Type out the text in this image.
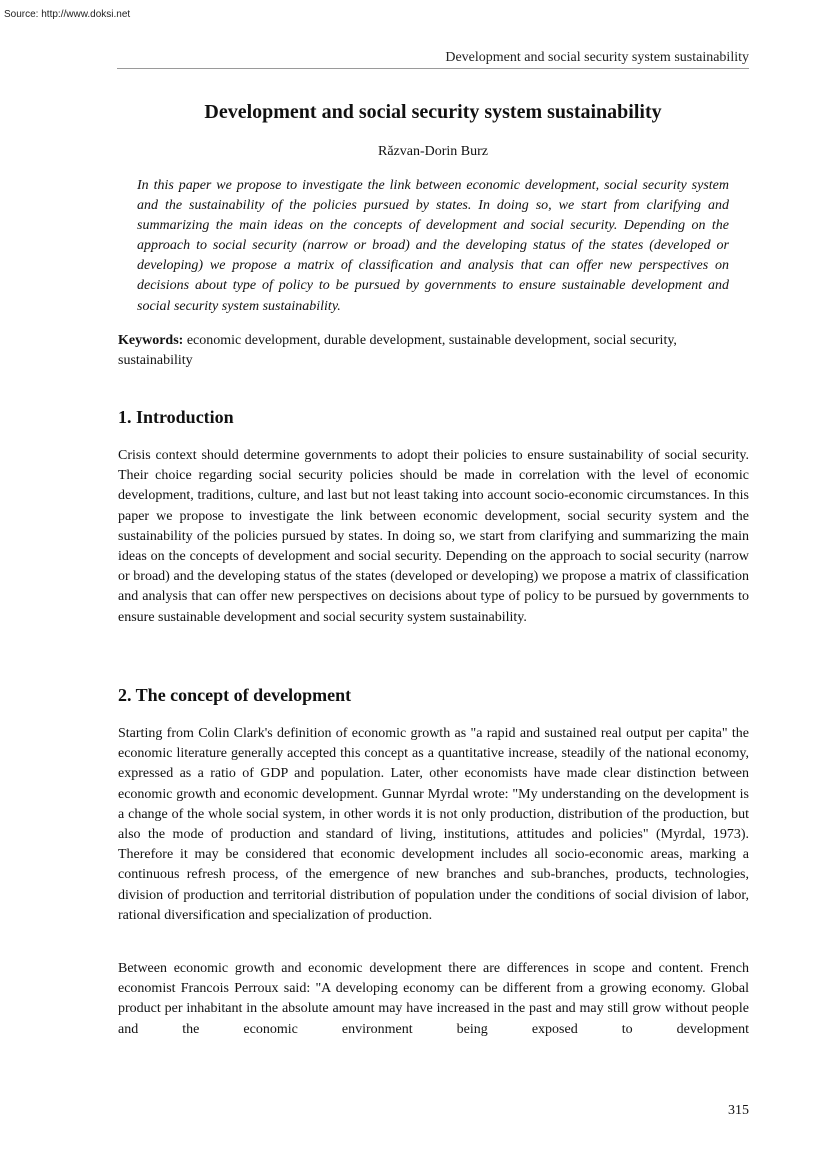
Source: http://www.doksi.net
Development and social security system sustainability
Development and social security system sustainability
Răzvan-Dorin Burz

In this paper we propose to investigate the link between economic development, social security system and the sustainability of the policies pursued by states. In doing so, we start from clarifying and summarizing the main ideas on the concepts of development and social security. Depending on the approach to social security (narrow or broad) and the developing status of the states (developed or developing) we propose a matrix of classification and analysis that can offer new perspectives on decisions about type of policy to be pursued by governments to ensure sustainable development and social security system sustainability.

Keywords: economic development, durable development, sustainable development, social security, sustainability

1. Introduction

Crisis context should determine governments to adopt their policies to ensure sustainability of social security. Their choice regarding social security policies should be made in correlation with the level of economic development, traditions, culture, and last but not least taking into account socio-economic circumstances. In this paper we propose to investigate the link between economic development, social security system and the sustainability of the policies pursued by states. In doing so, we start from clarifying and summarizing the main ideas on the concepts of development and social security. Depending on the approach to social security (narrow or broad) and the developing status of the states (developed or developing) we propose a matrix of classification and analysis that can offer new perspectives on decisions about type of policy to be pursued by governments to ensure sustainable development and social security system sustainability.

2. The concept of development

Starting from Colin Clark's definition of economic growth as "a rapid and sustained real output per capita" the economic literature generally accepted this concept as a quantitative increase, steadily of the national economy, expressed as a ratio of GDP and population. Later, other economists have made clear distinction between economic growth and economic development. Gunnar Myrdal wrote: "My understanding on the development is a change of the whole social system, in other words it is not only production, distribution of the production, but also the mode of production and standard of living, institutions, attitudes and policies" (Myrdal, 1973). Therefore it may be considered that economic development includes all socio-economic areas, marking a continuous refresh process, of the emergence of new branches and sub-branches, products, technologies, division of production and territorial distribution of population under the conditions of social division of labor, rational diversification and specialization of production.

Between economic growth and economic development there are differences in scope and content. French economist Francois Perroux said: "A developing economy can be different from a growing economy. Global product per inhabitant in the absolute amount may have increased in the past and may still grow without people and the economic environment being exposed to development

315
